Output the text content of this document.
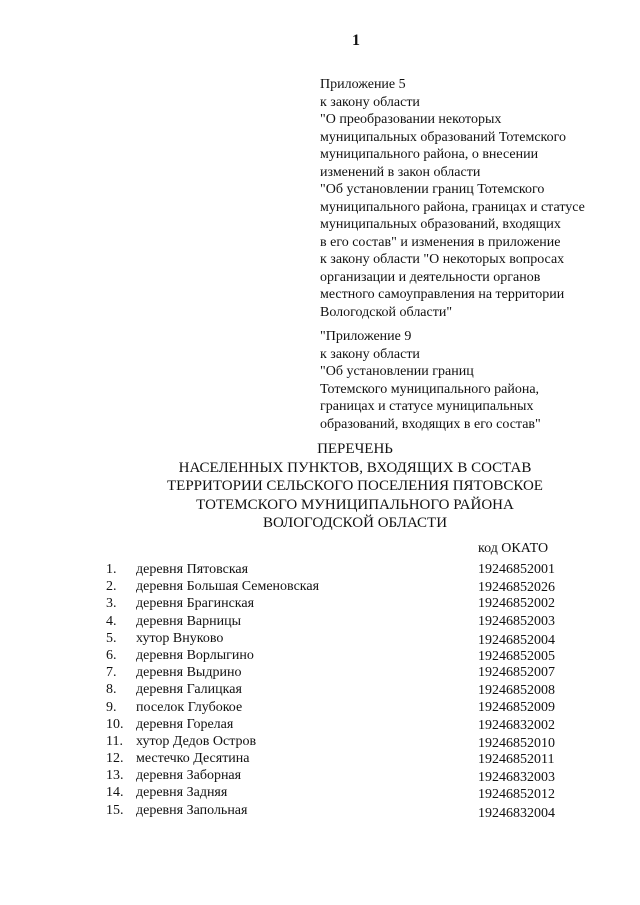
1
Приложение 5
к закону области
"О преобразовании некоторых
муниципальных образований Тотемского
муниципального района, о внесении
изменений в закон области
"Об установлении границ Тотемского
муниципального района, границах и статусе
муниципальных образований, входящих
в его состав" и изменения в приложение
к закону области "О некоторых вопросах
организации и деятельности органов
местного самоуправления на территории
Вологодской области"
"Приложение 9
к закону области
"Об установлении границ
Тотемского муниципального района,
границах и статусе муниципальных
образований, входящих в его состав"
ПЕРЕЧЕНЬ
НАСЕЛЕННЫХ ПУНКТОВ, ВХОДЯЩИХ В СОСТАВ
ТЕРРИТОРИИ СЕЛЬСКОГО ПОСЕЛЕНИЯ ПЯТОВСКОЕ
ТОТЕМСКОГО МУНИЦИПАЛЬНОГО РАЙОНА
ВОЛОГОДСКОЙ ОБЛАСТИ
код ОКАТО
1.	деревня Пятовская	19246852001
2.	деревня Большая Семеновская	19246852026
3.	деревня Брагинская	19246852002
4.	деревня Варницы	19246852003
5.	хутор Внуково	19246852004
6.	деревня Ворлыгино	19246852005
7.	деревня Выдрино	19246852007
8.	деревня Галицкая	19246852008
9.	поселок Глубокое	19246852009
10. деревня Горелая	19246832002
11. хутор Дедов Остров	19246852010
12. местечко Десятина	19246852011
13. деревня Заборная	19246832003
14. деревня Задняя	19246852012
15. деревня Запольная	19246832004
